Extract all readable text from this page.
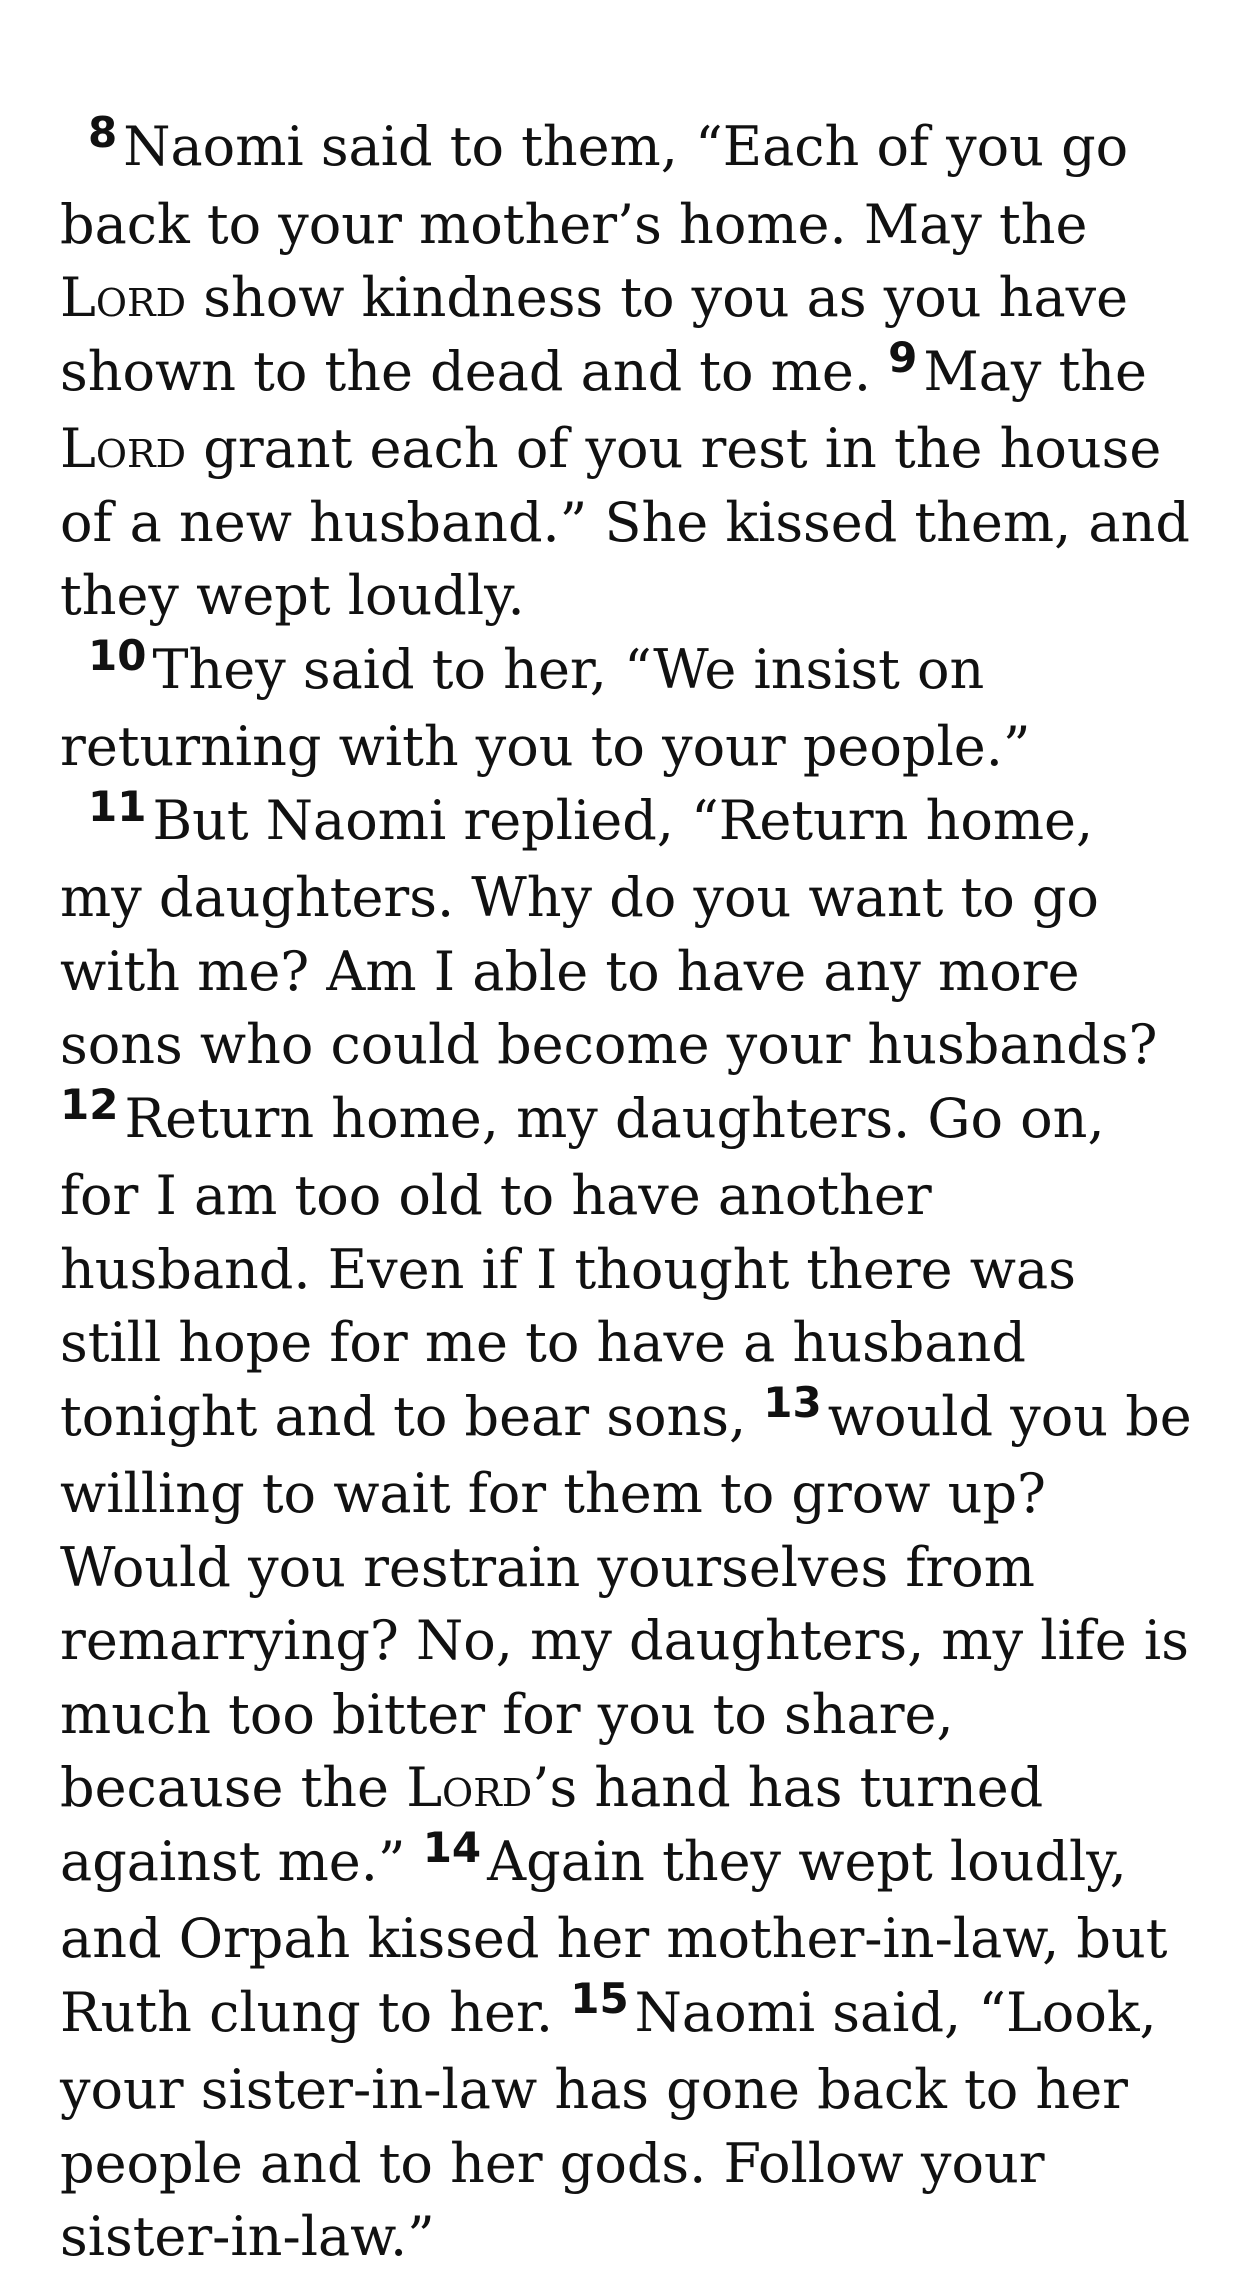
$^8$ Naomi said to them, “Each of you go back to your mother’s home. May the Lord show kindness to you as you have shown to the dead and to me. $^9$ May the Lord grant each of you rest in the house of a new husband.” She kissed them, and they wept loudly.

$^{10}$ They said to her, “We insist on returning with you to your people.”

$^{11}$ But Naomi replied, “Return home, my daughters. Why do you want to go with me? Am I able to have any more sons who could become your husbands? $^{12}$ Return home, my daughters. Go on, for I am too old to have another husband. Even if I thought there was still hope for me to have a husband tonight and to bear sons, $^{13}$ would you be willing to wait for them to grow up? Would you restrain yourselves from remarrying? No, my daughters, my life is much too bitter for you to share, because the Lord’s hand has turned against me.” $^{14}$ Again they wept loudly, and Orpah kissed her mother-in-law, but Ruth clung to her. $^{15}$ Naomi said, “Look, your sister-in-law has gone back to her people and to her gods. Follow your sister-in-law.”
